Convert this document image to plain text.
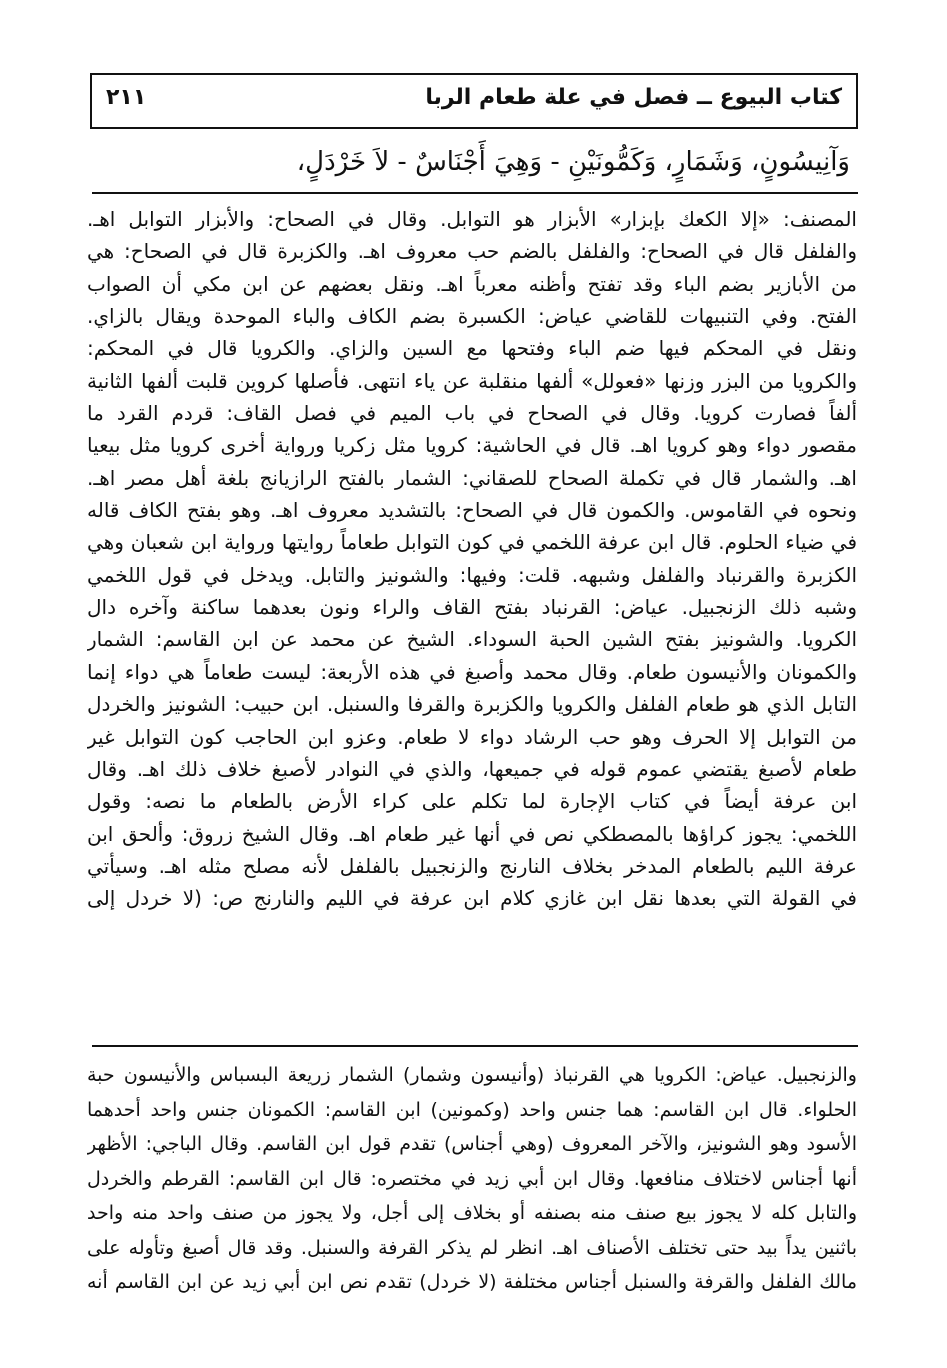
كتاب البيوع ــ فصل في علة طعام الربا
٢١١
وَآنِيسُونٍ، وَشَمَارٍ، وَكَمُّونَيْنِ - وَهِيَ أَجْنَاسٌ - لاَ خَرْدَلٍ،
المصنف: «إلا الكعك بإبزار» الأبزار هو التوابل. وقال في الصحاح: والأبزار التوابل اهـ.
والفلفل قال في الصحاح: والفلفل بالضم حب معروف اهـ. والكزبرة قال في الصحاح: هي
من الأبازير بضم الباء وقد تفتح وأظنه معرباً اهـ. ونقل بعضهم عن ابن مكي أن الصواب
الفتح. وفي التنبيهات للقاضي عياض: الكسبرة بضم الكاف والباء الموحدة ويقال بالزاي.
ونقل في المحكم فيها ضم الباء وفتحها مع السين والزاي. والكرويا قال في المحكم:
والكرويا من البزر وزنها «فعولل» ألفها منقلبة عن ياء انتهى. فأصلها كروين قلبت ألفها الثانية
ألفاً فصارت كرويا. وقال في الصحاح في باب الميم في فصل القاف: قردم القرد ما
مقصور دواء وهو كرويا اهـ. قال في الحاشية: كرويا مثل زكريا ورواية أخرى كرويا مثل بيعيا
اهـ. والشمار قال في تكملة الصحاح للصقاني: الشمار بالفتح الرازيانج بلغة أهل مصر اهـ.
ونحوه في القاموس. والكمون قال في الصحاح: بالتشديد معروف اهـ. وهو بفتح الكاف قاله
في ضياء الحلوم. قال ابن عرفة اللخمي في كون التوابل طعاماً روايتها ورواية ابن شعبان وهي
الكزبرة والقرنباد والفلفل وشبهه. قلت: وفيها: والشونيز والتابل. ويدخل في قول اللخمي
وشبه ذلك الزنجبيل. عياض: القرنباد بفتح القاف والراء ونون بعدهما ساكنة وآخره دال
الكرويا. والشونيز بفتح الشين الحبة السوداء. الشيخ عن محمد عن ابن القاسم: الشمار
والكمونان والأنيسون طعام. وقال محمد وأصبغ في هذه الأربعة: ليست طعاماً هي دواء إنما
التابل الذي هو طعام الفلفل والكرويا والكزبرة والقرفا والسنبل. ابن حبيب: الشونيز والخردل
من التوابل إلا الحرف وهو حب الرشاد دواء لا طعام. وعزو ابن الحاجب كون التوابل غير
طعام لأصبغ يقتضي عموم قوله في جميعها، والذي في النوادر لأصبغ خلاف ذلك اهـ. وقال
ابن عرفة أيضاً في كتاب الإجارة لما تكلم على كراء الأرض بالطعام ما نصه: وقول
اللخمي: يجوز كراؤها بالمصطكي نص في أنها غير طعام اهـ. وقال الشيخ زروق: وألحق ابن
عرفة الليم بالطعام المدخر بخلاف النارنج والزنجبيل بالفلفل لأنه مصلح مثله اهـ. وسيأتي
في القولة التي بعدها نقل ابن غازي كلام ابن عرفة في الليم والنارنج ص: (لا خردل إلى
والزنجبيل. عياض: الكرويا هي القرنباذ (وأنيسون وشمار) الشمار زريعة البسباس والأنيسون حبة
الحلواء. قال ابن القاسم: هما جنس واحد (وكمونين) ابن القاسم: الكمونان جنس واحد أحدهما
الأسود وهو الشونيز، والآخر المعروف (وهي أجناس) تقدم قول ابن القاسم. وقال الباجي: الأظهر
أنها أجناس لاختلاف منافعها. وقال ابن أبي زيد في مختصره: قال ابن القاسم: القرطم والخردل
والتابل كله لا يجوز بيع صنف منه بصنفه أو بخلاف إلى أجل، ولا يجوز من صنف واحد منه واحد
باثنين يداً بيد حتى تختلف الأصناف اهـ. انظر لم يذكر القرفة والسنبل. وقد قال أصبغ وتأوله على
مالك الفلفل والقرفة والسنبل أجناس مختلفة (لا خردل) تقدم نص ابن أبي زيد عن ابن القاسم أنه
